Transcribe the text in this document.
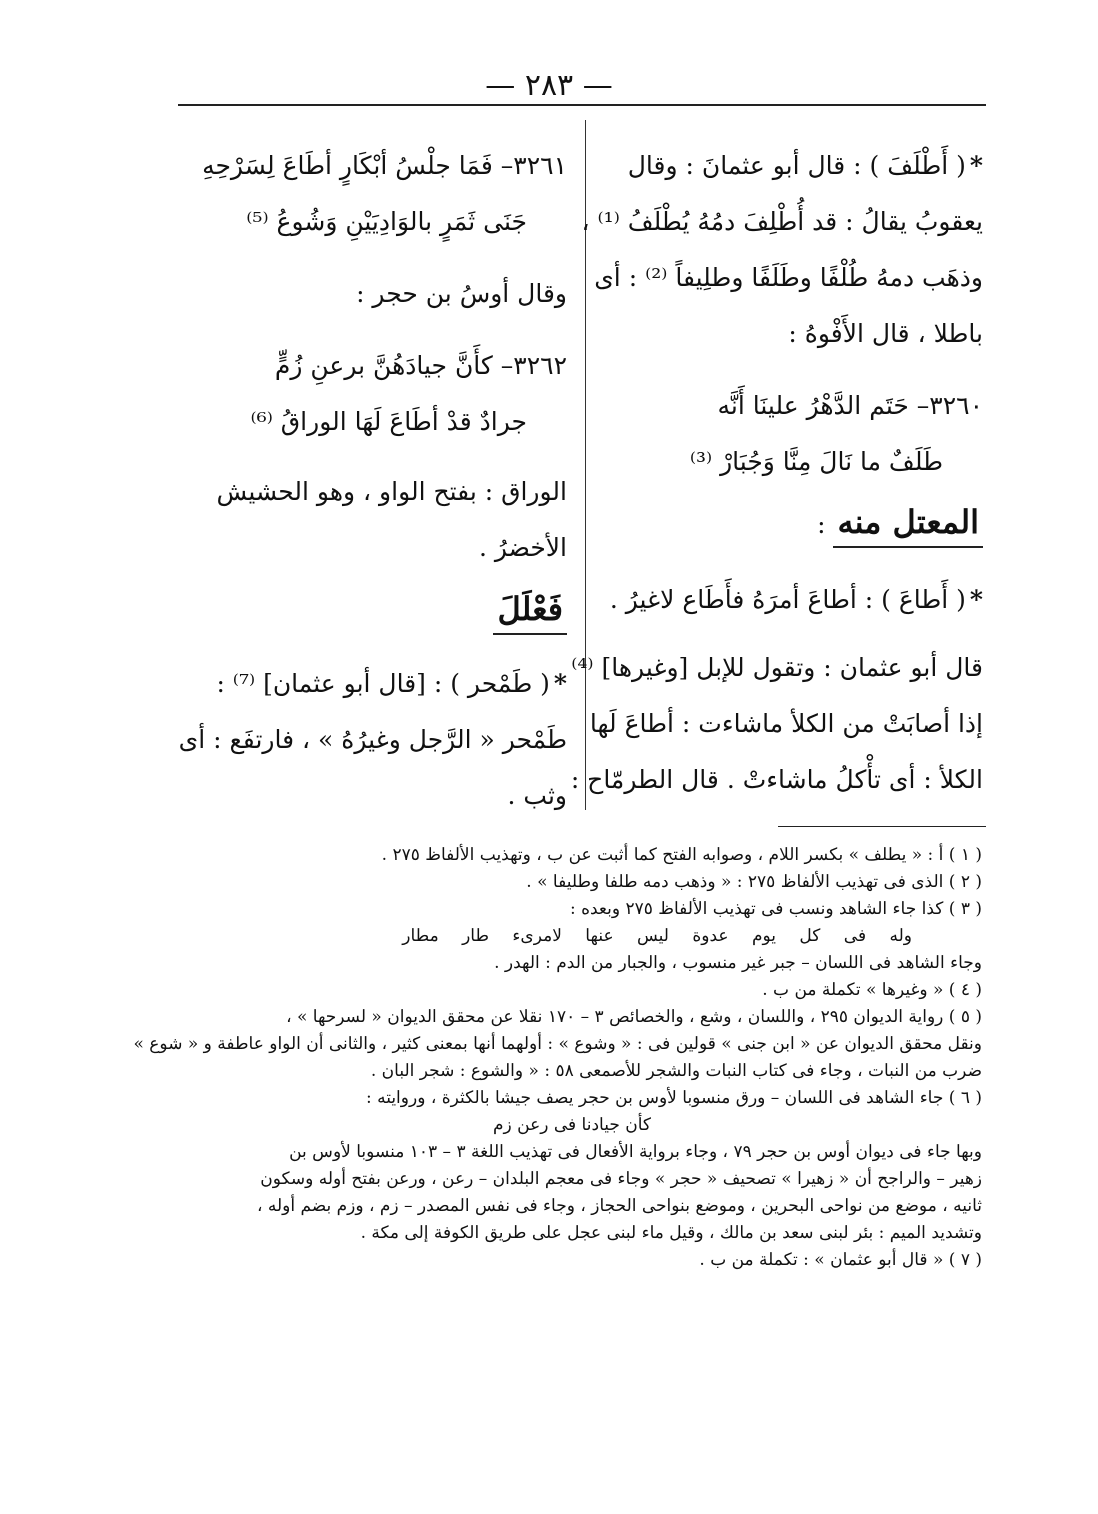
— ٢٨٣ —
*( أَطْلَفَ ) : قال أبو عثمانَ : وقال
يعقوبُ يقالُ : قد أُطْلِفَ دمُهُ يُطْلَفُ ⁽¹⁾ ،
وذهَب دمهُ طُلْفًا وطَلَفًا وطلِيفاً ⁽²⁾ : أى
باطلا ، قال الأَفْوهُ :
٣٢٦٠– حَتَم الدَّهْرُ علينَا أَنَّه
طَلَفٌ ما نَالَ مِنَّا وَجُبَارْ ⁽³⁾
المعتل منه :
*( أَطاعَ ) : أطاعَ أمرَهُ فأَطَاع لاغيرُ .
قال أبو عثمان : وتقول للإبل [وغيرها] ⁽⁴⁾
إذا أصابَتْ من الكلأ ماشاءت : أطاعَ لَها
الكلأ : أى تأْكلُ ماشاءتْ . قال الطرمّاح :
٣٢٦١– فَمَا جلْسُ أبْكَارٍ أطَاعَ لِسَرْحِهِ
جَنَى ثَمَرٍ بالوَادِيَيْنِ وَشُوعُ ⁽⁵⁾
وقال أوسُ بن حجر :
٣٢٦٢– كأَنَّ جيادَهُنَّ برعنِ زُمٍّ
جرادٌ قدْ أطَاعَ لَهَا الوراقُ ⁽⁶⁾
الوراق : بفتح الواو ، وهو الحشيش
الأخضرُ .
فَعْلَلَ
*( طَمْحر ) : [قال أبو عثمان] ⁽⁷⁾ :
طَمْحر « الرَّجل وغيرُهُ » ، فارتفَع : أى
وثب .
( ١ ) أ : « يطلف » بكسر اللام ، وصوابه الفتح كما أثبت عن ب ، وتهذيب الألفاظ ٢٧٥ .
( ٢ ) الذى فى تهذيب الألفاظ ٢٧٥ : « وذهب دمه طلفا وطليفا » .
( ٣ ) كذا جاء الشاهد ونسب فى تهذيب الألفاظ ٢٧٥ وبعده :
وله فى كل يوم عدوة ليس عنها لامرىء طار مطار
وجاء الشاهد فى اللسان – جبر غير منسوب ، والجبار من الدم : الهدر .
( ٤ ) « وغيرها » تكملة من ب .
( ٥ ) رواية الديوان ٢٩٥ ، واللسان ، وشع ، والخصائص ٣ – ١٧٠ نقلا عن محقق الديوان « لسرحها » ،
ونقل محقق الديوان عن « ابن جنى » قولين فى : « وشوع » : أولهما أنها بمعنى كثير ، والثانى أن الواو عاطفة و « شوع »
ضرب من النبات ، وجاء فى كتاب النبات والشجر للأصمعى ٥٨ : « والشوع : شجر البان .
( ٦ ) جاء الشاهد فى اللسان – ورق منسوبا لأوس بن حجر يصف جيشا بالكثرة ، وروايته :
كأن جيادنا فى رعن زم
وبها جاء فى ديوان أوس بن حجر ٧٩ ، وجاء برواية الأفعال فى تهذيب اللغة ٣ – ١٠٣ منسوبا لأوس بن
زهير – والراجح أن « زهيرا » تصحيف « حجر » وجاء فى معجم البلدان – رعن ، ورعن بفتح أوله وسكون
ثانيه ، موضع من نواحى البحرين ، وموضع بنواحى الحجاز ، وجاء فى نفس المصدر – زم ، وزم بضم أوله ،
وتشديد الميم : بئر لبنى سعد بن مالك ، وقيل ماء لبنى عجل على طريق الكوفة إلى مكة .
( ٧ ) « قال أبو عثمان » : تكملة من ب .
